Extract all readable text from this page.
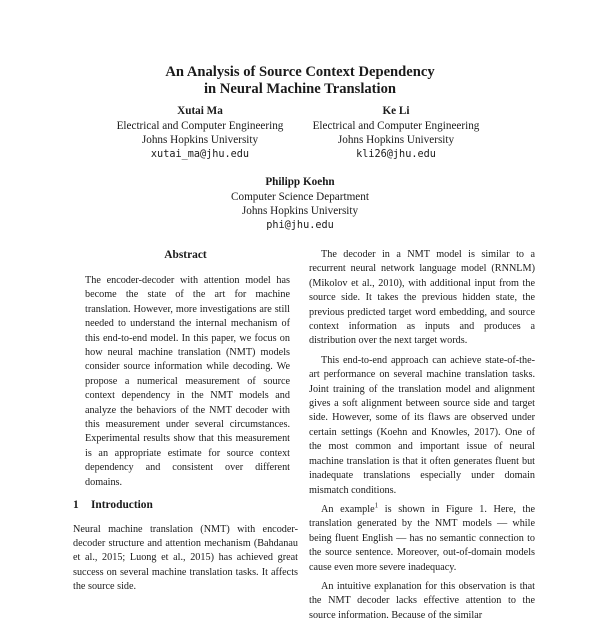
An Analysis of Source Context Dependency
in Neural Machine Translation
Xutai Ma
Electrical and Computer Engineering
Johns Hopkins University
xutai_ma@jhu.edu
Ke Li
Electrical and Computer Engineering
Johns Hopkins University
kli26@jhu.edu
Philipp Koehn
Computer Science Department
Johns Hopkins University
phi@jhu.edu
Abstract
The encoder-decoder with attention model has become the state of the art for machine translation. However, more investigations are still needed to understand the internal mechanism of this end-to-end model. In this paper, we focus on how neural machine translation (NMT) models consider source information while decoding. We propose a numerical measurement of source context dependency in the NMT models and analyze the behaviors of the NMT decoder with this measurement under several circumstances. Experimental results show that this measurement is an appropriate estimate for source context dependency and consistent over different domains.
1 Introduction

Neural machine translation (NMT) with encoder-decoder structure and attention mechanism (Bahdanau et al., 2015; Luong et al., 2015) has achieved great success on several machine translation tasks. It affects the source side.

The decoder in a NMT model is similar to a recurrent neural network language model (RNNLM) (Mikolov et al., 2010), with additional input from the source side. It takes the previous hidden state, the previous predicted target word embedding, and source context information as inputs and produces a distribution over the next target words.

This end-to-end approach can achieve state-of-the-art performance on several machine translation tasks. Joint training of the translation model and alignment gives a soft alignment between source side and target side. However, some of its flaws are observed under certain settings (Koehn and Knowles, 2017). One of the most common and important issue of neural machine translation is that it often generates fluent but inadequate translations especially under domain mismatch conditions.

An example$^1$ is shown in Figure 1. Here, the translation generated by the NMT models — while being fluent English — has no semantic connection to the source sentence. Moreover, out-of-domain models cause even more severe inadequacy.

An intuitive explanation for this observation is that the NMT decoder lacks effective attention to the source information. Because of the similar
